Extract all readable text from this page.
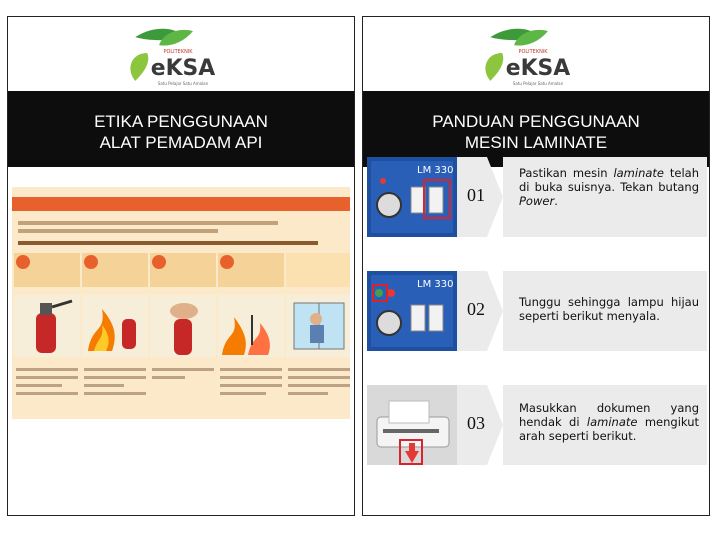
POLITEKNIK
eKSA
Satu Pelajar Satu Amalan
ETIKA PENGGUNAAN
ALAT PEMADAM API
POLITEKNIK
eKSA
Satu Pelajar Satu Amalan
PANDUAN PENGGUNAAN
MESIN LAMINATE
LM 330
01
Pastikan mesin laminate telah di buka suisnya. Tekan butang Power.
LM 330
02	Tunggu sehingga lampu hijau seperti berikut menyala.
03
Masukkan dokumen yang hendak di laminate mengikut arah seperti berikut.
